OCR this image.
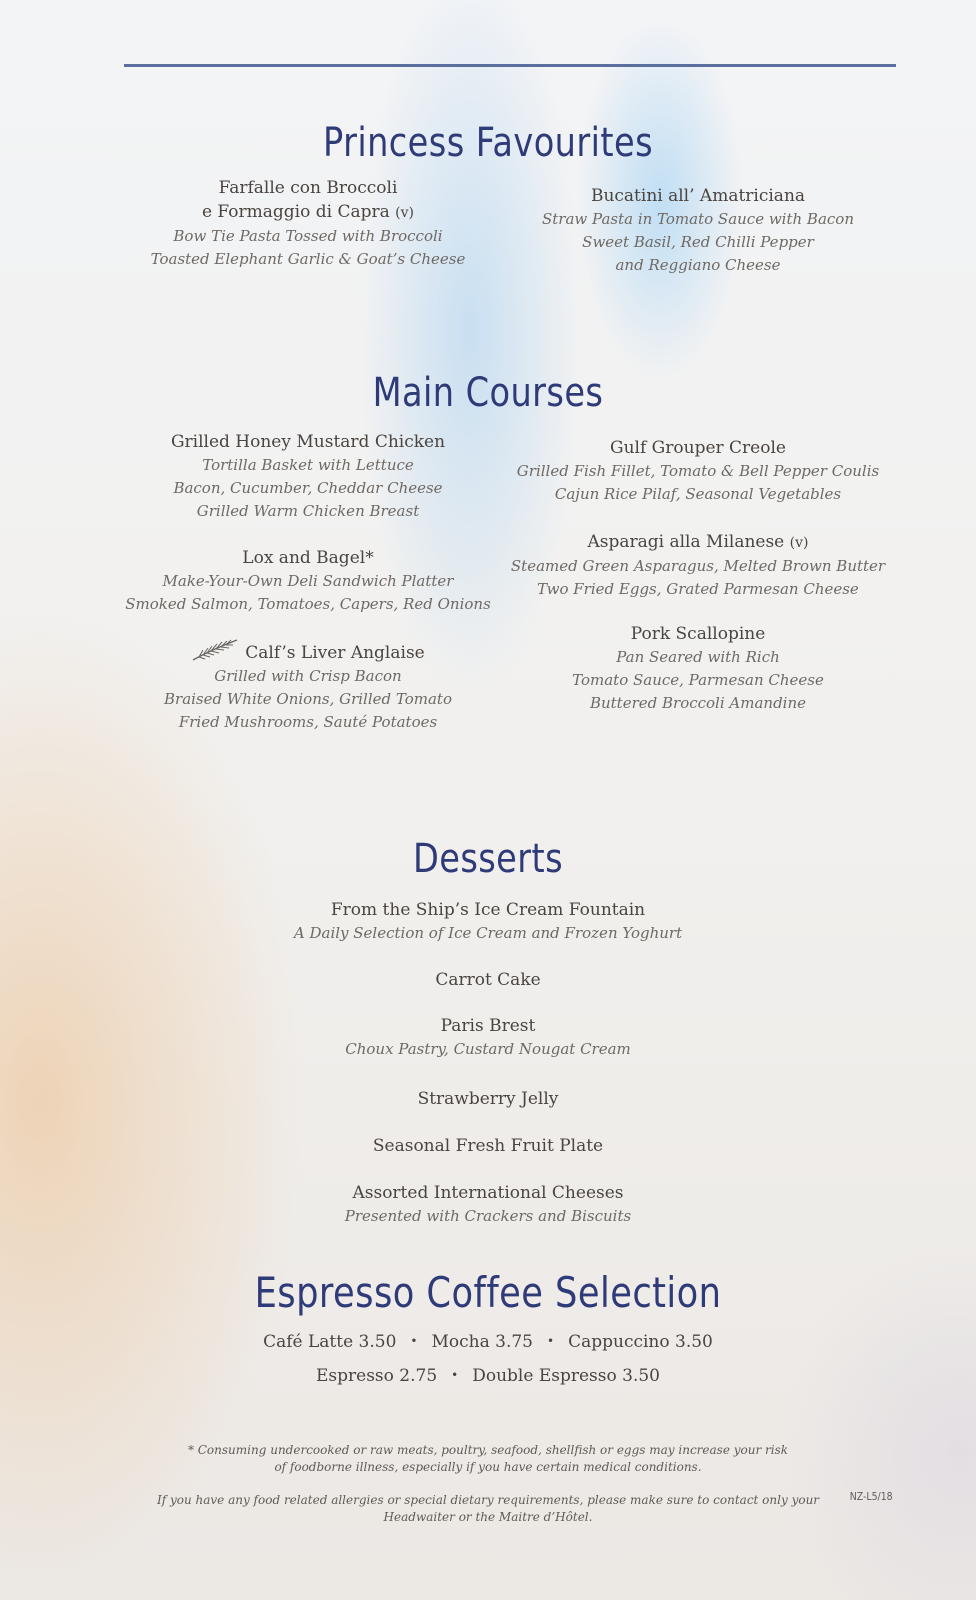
Princess Favourites
Farfalle con Broccoli
e Formaggio di Capra (v)
Bow Tie Pasta Tossed with Broccoli
Toasted Elephant Garlic & Goat’s Cheese
Bucatini all’ Amatriciana
Straw Pasta in Tomato Sauce with Bacon
Sweet Basil, Red Chilli Pepper
and Reggiano Cheese
Main Courses
Grilled Honey Mustard Chicken
Tortilla Basket with Lettuce
Bacon, Cucumber, Cheddar Cheese
Grilled Warm Chicken Breast
Lox and Bagel*
Make-Your-Own Deli Sandwich Platter
Smoked Salmon, Tomatoes, Capers, Red Onions
Calf’s Liver Anglaise
Grilled with Crisp Bacon
Braised White Onions, Grilled Tomato
Fried Mushrooms, Sauté Potatoes
Gulf Grouper Creole
Grilled Fish Fillet, Tomato & Bell Pepper Coulis
Cajun Rice Pilaf, Seasonal Vegetables
Asparagi alla Milanese (v)
Steamed Green Asparagus, Melted Brown Butter
Two Fried Eggs, Grated Parmesan Cheese
Pork Scallopine
Pan Seared with Rich
Tomato Sauce, Parmesan Cheese
Buttered Broccoli Amandine
Desserts
From the Ship’s Ice Cream Fountain
A Daily Selection of Ice Cream and Frozen Yoghurt
Carrot Cake
Paris Brest
Choux Pastry, Custard Nougat Cream
Strawberry Jelly
Seasonal Fresh Fruit Plate
Assorted International Cheeses
Presented with Crackers and Biscuits
Espresso Coffee Selection
Café Latte 3.50 • Mocha 3.75 • Cappuccino 3.50
Espresso 2.75 • Double Espresso 3.50
* Consuming undercooked or raw meats, poultry, seafood, shellfish or eggs may increase your risk
of foodborne illness, especially if you have certain medical conditions.
If you have any food related allergies or special dietary requirements, please make sure to contact only your
Headwaiter or the Maitre d’Hôtel.
NZ-L5/18
